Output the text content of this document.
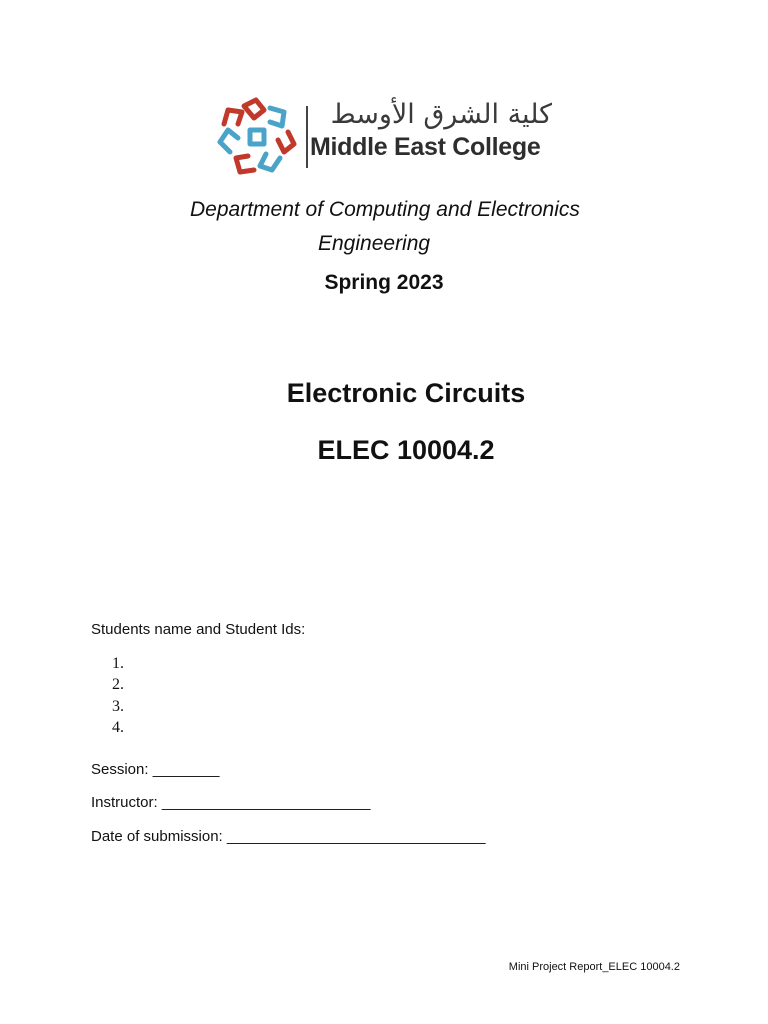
كلية الشرق الأوسط
Middle East College
Department of Computing and Electronics
Engineering
Spring 2023
Electronic Circuits
ELEC 10004.2
Students name and Student Ids:
1.
2.
3.
4.
Session: ________
Instructor: _________________________
Date of submission: _______________________________
Mini Project Report_ELEC 10004.2
